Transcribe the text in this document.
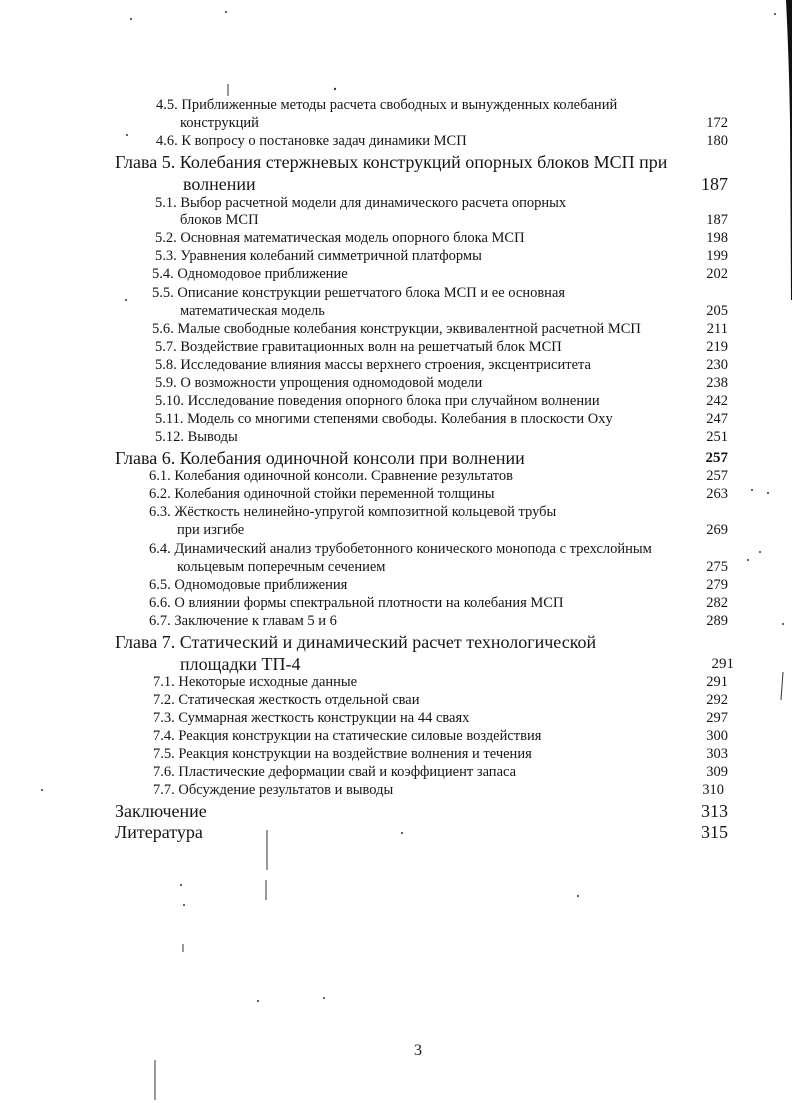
4.5. Приближенные методы расчета свободных и вынужденных колебаний
конструкций	172
4.6. К вопросу о постановке задач динамики МСП	180
Глава 5. Колебания стержневых конструкций опорных блоков МСП при
волнении	187
5.1. Выбор расчетной модели для динамического расчета опорных
блоков МСП	187
5.2. Основная математическая модель опорного блока МСП	198
5.3. Уравнения колебаний симметричной платформы	199
5.4. Одномодовое приближение	202
5.5. Описание конструкции решетчатого блока МСП и ее основная
математическая модель	205
5.6. Малые свободные колебания конструкции, эквивалентной расчетной МСП	211
5.7. Воздействие гравитационных волн на решетчатый блок МСП	219
5.8. Исследование влияния массы верхнего строения, эксцентриситета	230
5.9. О возможности упрощения одномодовой модели	238
5.10. Исследование поведения опорного блока при случайном волнении	242
5.11. Модель со многими степенями свободы. Колебания в плоскости Oxy	247
5.12. Выводы	251
Глава 6. Колебания одиночной консоли при волнении	257
6.1. Колебания одиночной консоли. Сравнение результатов	257
6.2. Колебания одиночной стойки переменной толщины	263
6.3. Жёсткость нелинейно-упругой композитной кольцевой трубы
при изгибе	269
6.4. Динамический анализ трубобетонного конического монопода с трехслойным
кольцевым поперечным сечением	275
6.5. Одномодовые приближения	279
6.6. О влиянии формы спектральной плотности на колебания МСП	282
6.7. Заключение к главам 5 и 6	289
Глава 7. Статический и динамический расчет технологической
площадки ТП-4	291
7.1. Некоторые исходные данные	291
7.2. Статическая жесткость отдельной сваи	292
7.3. Суммарная жесткость конструкции на 44 сваях	297
7.4. Реакция конструкции на статические силовые воздействия	300
7.5. Реакция конструкции на воздействие волнения и течения	303
7.6. Пластические деформации свай и коэффициент запаса	309
7.7. Обсуждение результатов и выводы	310
Заключение	313
Литература	315
3
